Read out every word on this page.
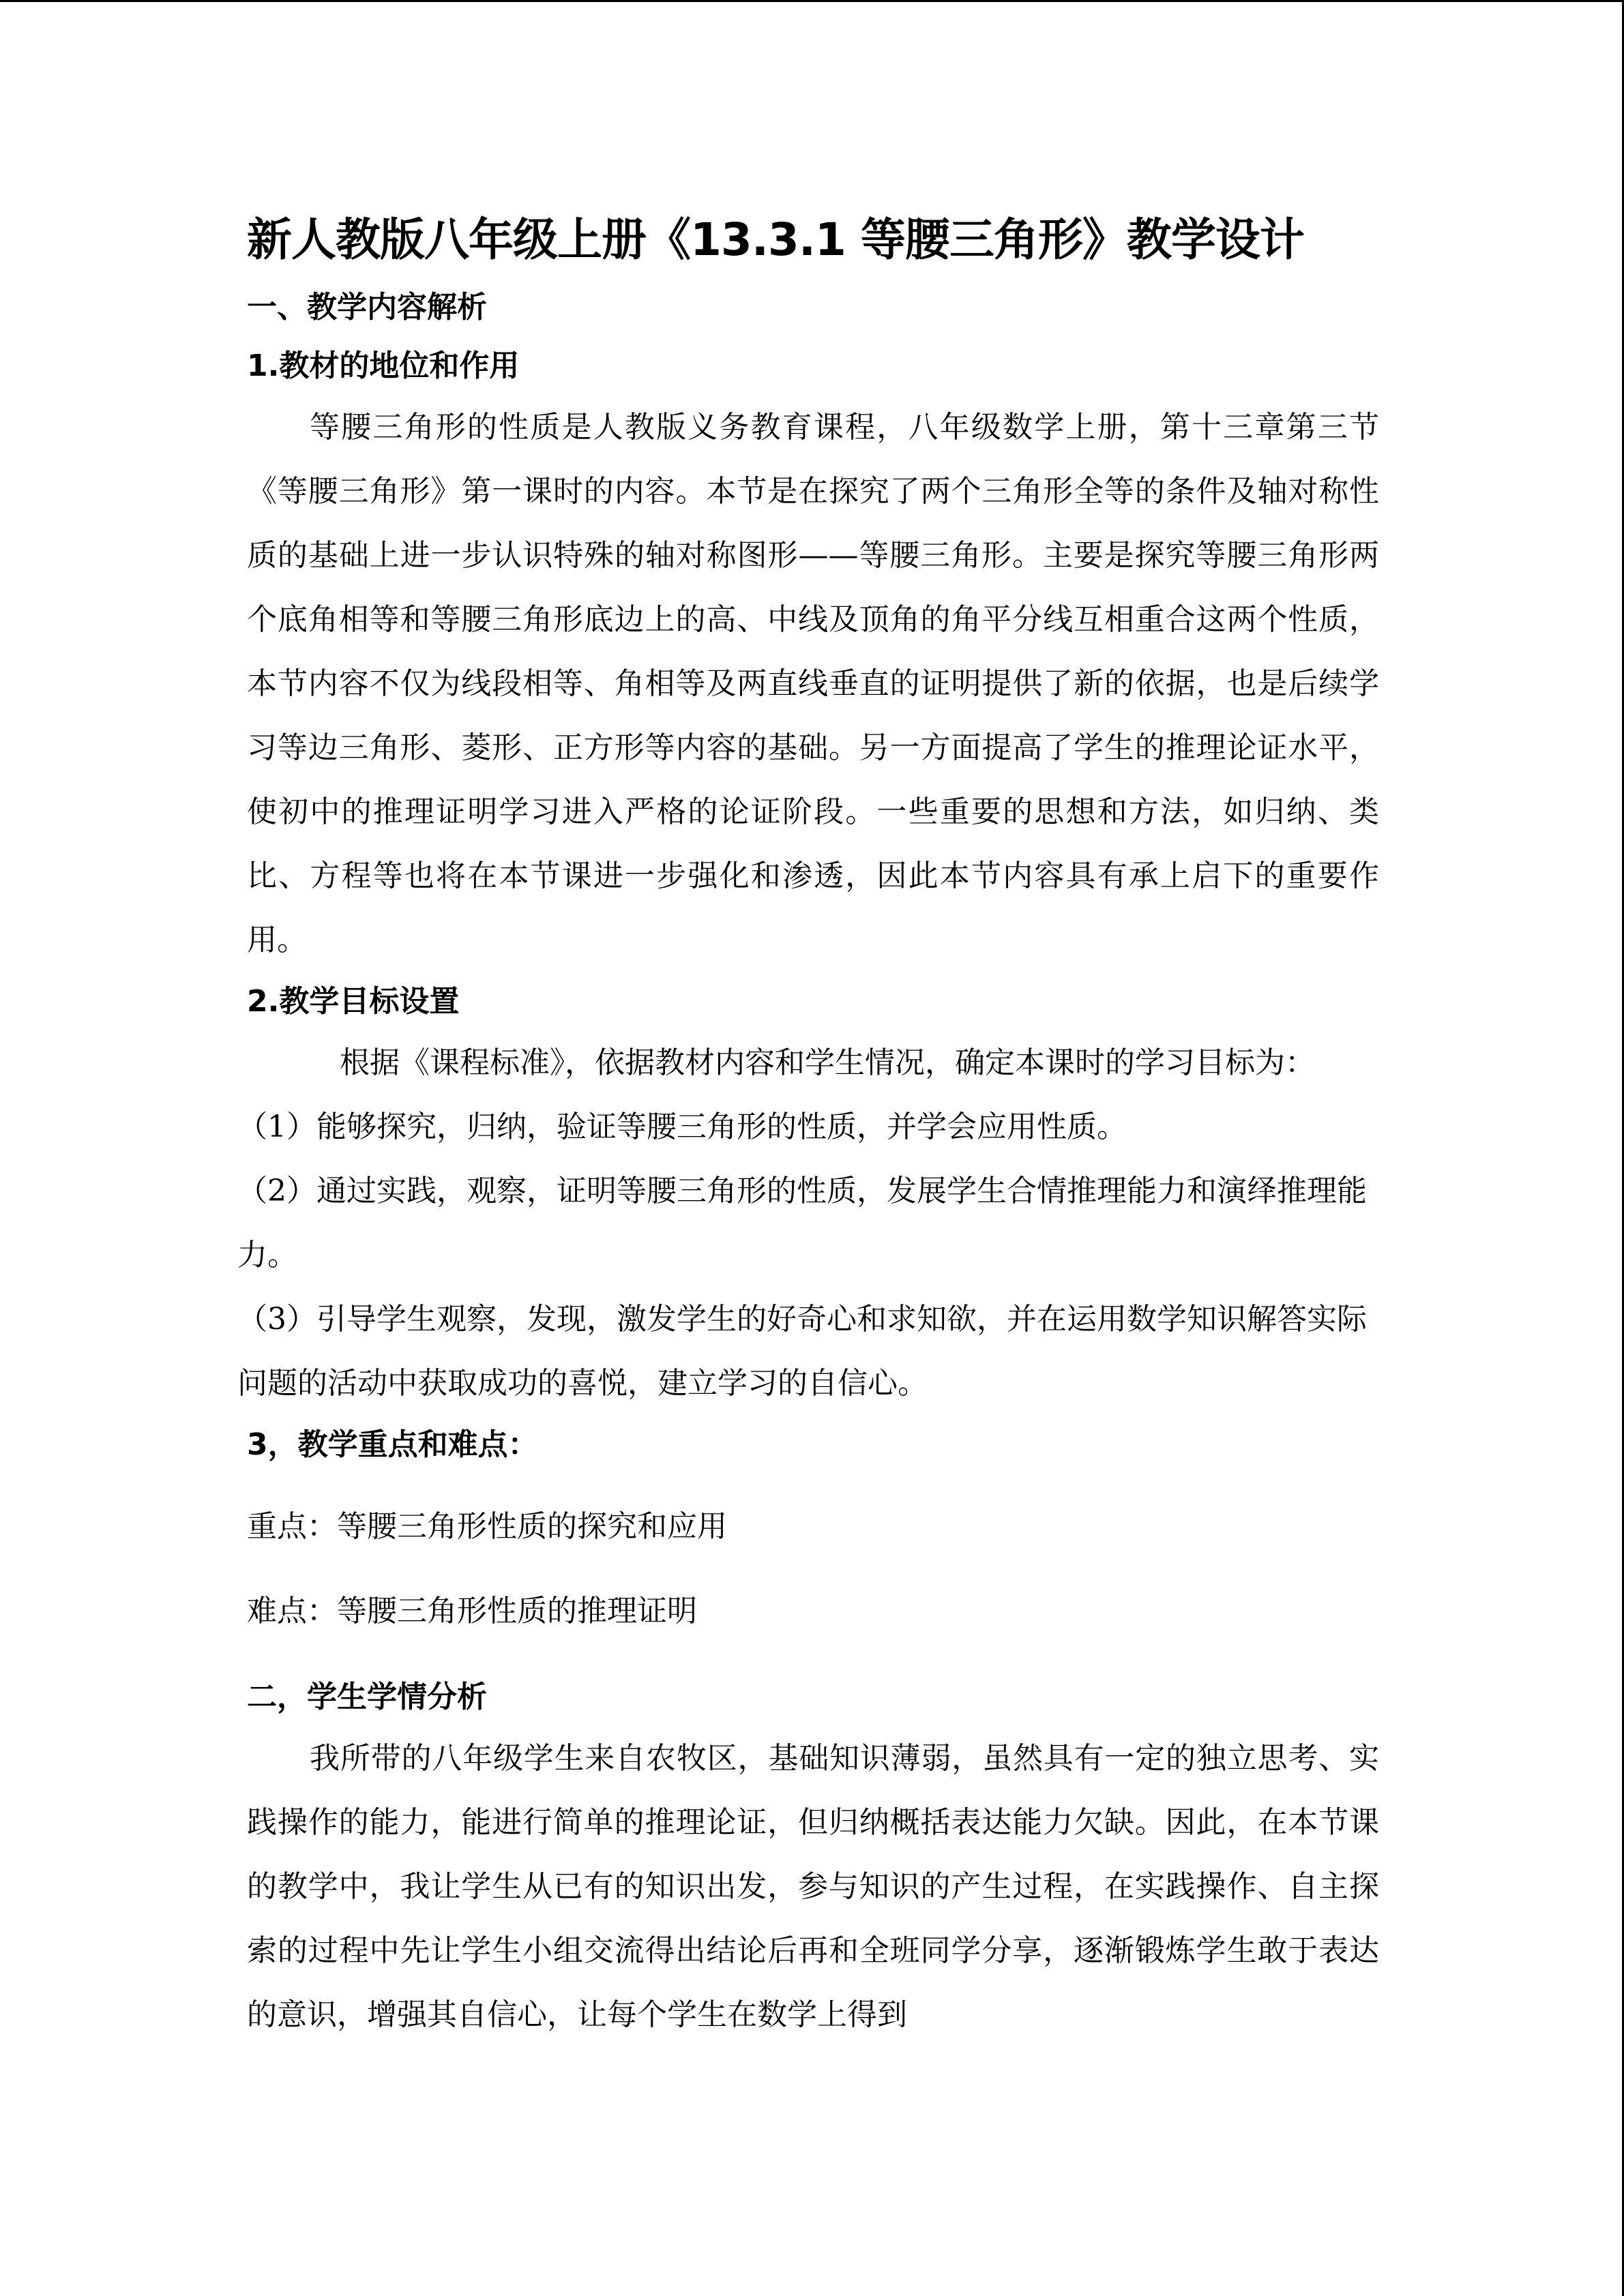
新人教版八年级上册《13.3.1 等腰三角形》教学设计
一、教学内容解析
1.教材的地位和作用

等腰三角形的性质是人教版义务教育课程，八年级数学上册，第十三章第三节《等腰三角形》第一课时的内容。本节是在探究了两个三角形全等的条件及轴对称性质的基础上进一步认识特殊的轴对称图形——等腰三角形。主要是探究等腰三角形两个底角相等和等腰三角形底边上的高、中线及顶角的角平分线互相重合这两个性质，本节内容不仅为线段相等、角相等及两直线垂直的证明提供了新的依据，也是后续学习等边三角形、菱形、正方形等内容的基础。另一方面提高了学生的推理论证水平，使初中的推理证明学习进入严格的论证阶段。一些重要的思想和方法，如归纳、类比、方程等也将在本节课进一步强化和渗透，因此本节内容具有承上启下的重要作用。

2.教学目标设置

根据《课程标准》，依据教材内容和学生情况，确定本课时的学习目标为：

（1）能够探究，归纳，验证等腰三角形的性质，并学会应用性质。

（2）通过实践，观察，证明等腰三角形的性质，发展学生合情推理能力和演绎推理能力。

（3）引导学生观察，发现，激发学生的好奇心和求知欲，并在运用数学知识解答实际问题的活动中获取成功的喜悦，建立学习的自信心。

3，教学重点和难点：

重点：等腰三角形性质的探究和应用

难点：等腰三角形性质的推理证明

二，学生学情分析

我所带的八年级学生来自农牧区，基础知识薄弱，虽然具有一定的独立思考、实践操作的能力，能进行简单的推理论证，但归纳概括表达能力欠缺。因此，在本节课的教学中，我让学生从已有的知识出发，参与知识的产生过程，在实践操作、自主探索的过程中先让学生小组交流得出结论后再和全班同学分享，逐渐锻炼学生敢于表达的意识，增强其自信心，让每个学生在数学上得到
